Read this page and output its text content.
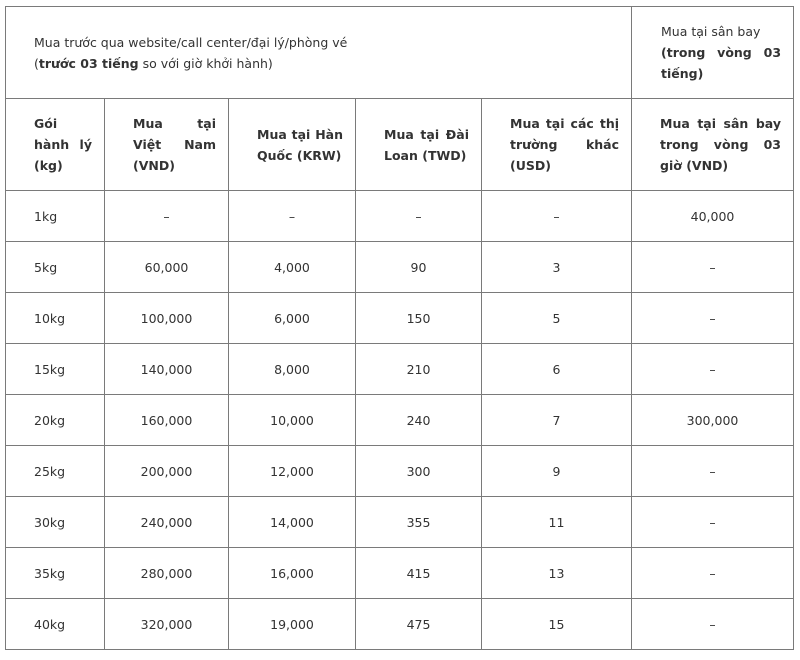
Mua trước qua website/call center/đại lý/phòng vé
(trước 03 tiếng so với giờ khởi hành)					Mua tại sân bay
(trong vòng 03 tiếng)
Gói hành lý (kg)	Mua tại Việt Nam (VND)	Mua tại Hàn Quốc (KRW)	Mua tại Đài Loan (TWD)	Mua tại các thị trường khác (USD)	Mua tại sân bay trong vòng 03 giờ (VND)
1kg	–	–	–	–	40,000
5kg	60,000	4,000	90	3	–
10kg	100,000	6,000	150	5	–
15kg	140,000	8,000	210	6	–
20kg	160,000	10,000	240	7	300,000
25kg	200,000	12,000	300	9	–
30kg	240,000	14,000	355	11	–
35kg	280,000	16,000	415	13	–
40kg	320,000	19,000	475	15	–
